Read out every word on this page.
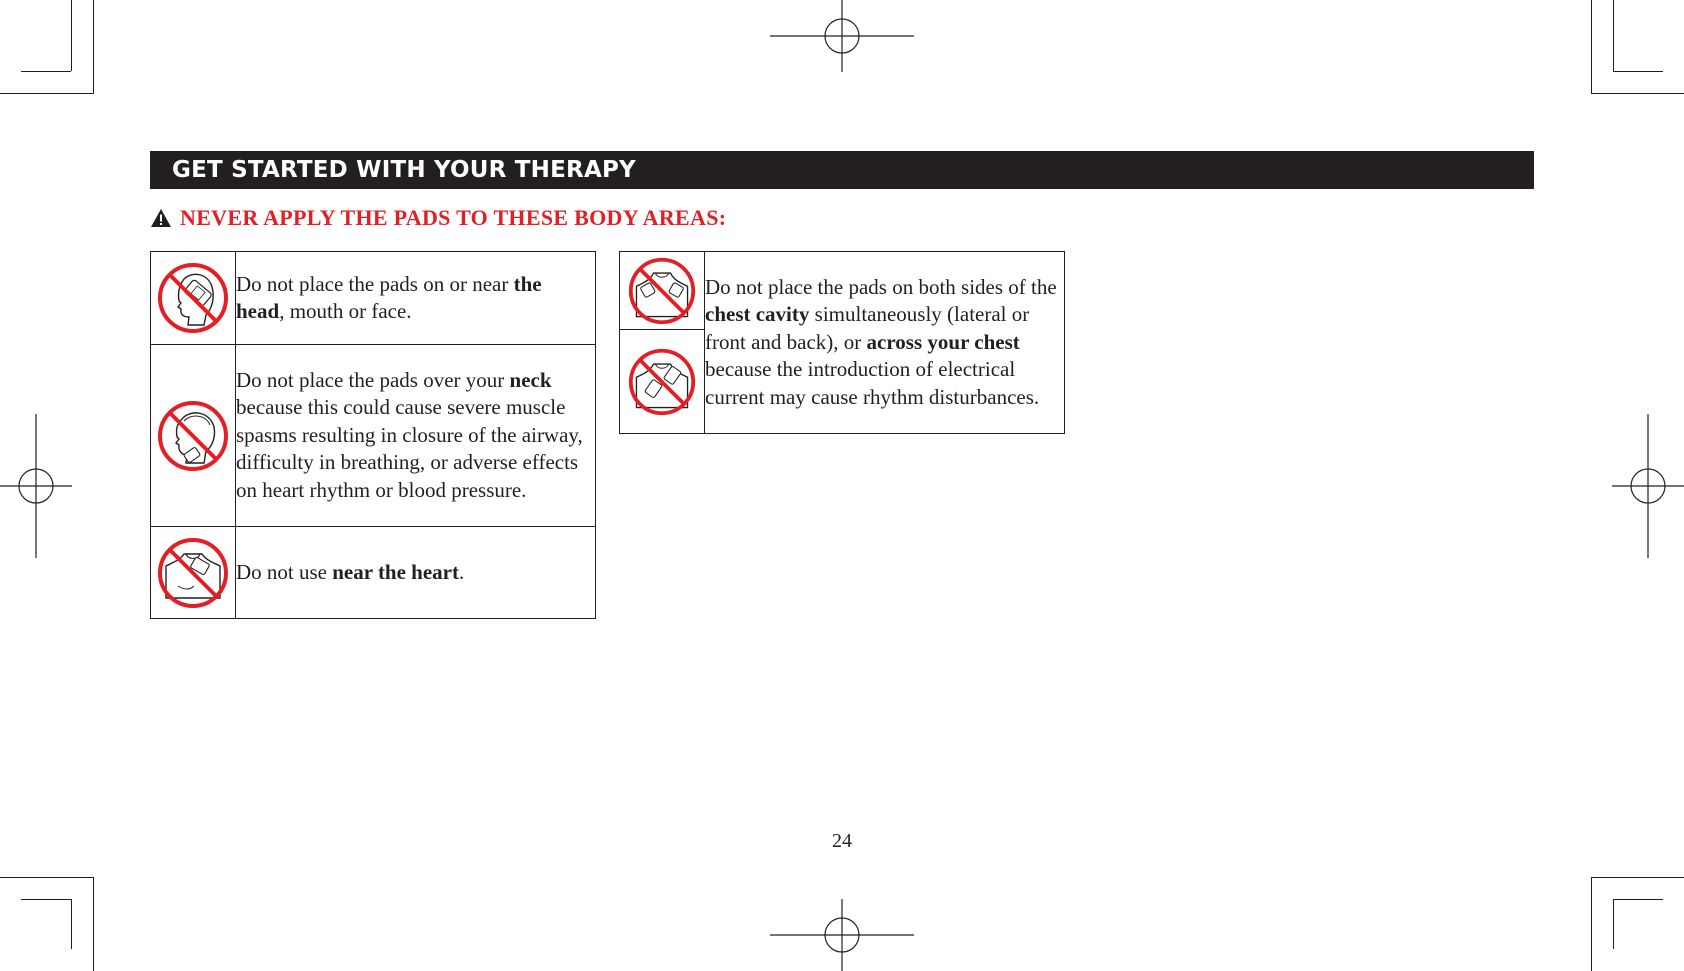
GET STARTED WITH YOUR THERAPY
NEVER APPLY THE PADS TO THESE BODY AREAS:
	Do not place the pads on or near the head, mouth or face.

	Do not place the pads over your neck because this could cause severe muscle spasms resulting in closure of the airway, difficulty in breathing, or adverse effects on heart rhythm or blood pressure.

	Do not use near the heart.
	Do not place the pads on both sides of the chest cavity simultaneously (lateral or front and back), or across your chest because the introduction of electrical current may cause rhythm disturbances.

24
